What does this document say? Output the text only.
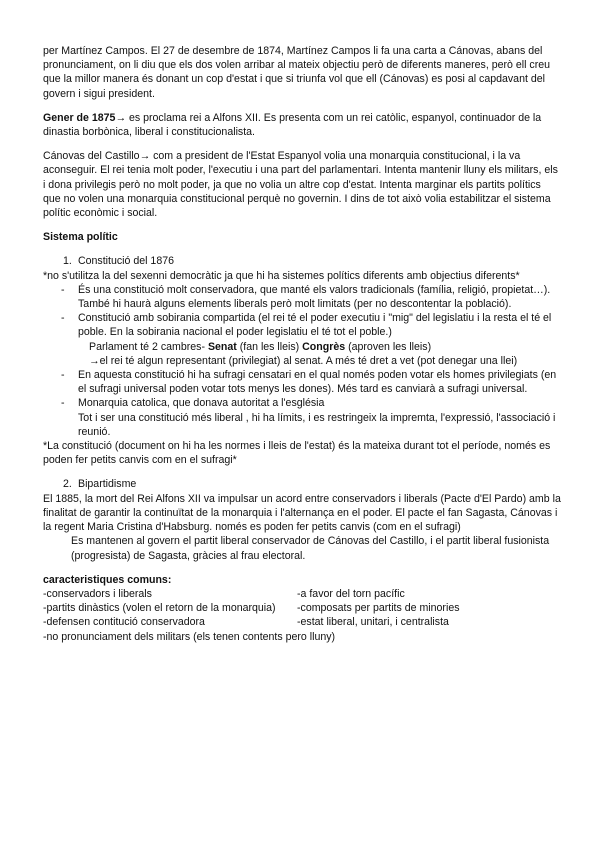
per Martínez Campos. El 27 de desembre de 1874, Martínez Campos li fa una carta a Cánovas, abans del pronunciament, on li diu que els dos volen arribar al mateix objectiu però de diferents maneres, però ell creu que la millor manera és donant un cop d'estat i que si triunfa vol que ell (Cánovas) es posi al capdavant del govern i sigui president.

Gener de 1875→ es proclama rei a Alfons XII. Es presenta com un rei catòlic, espanyol, continuador de la dinastia borbònica, liberal i constitucionalista.

Cánovas del Castillo→ com a president de l'Estat Espanyol volia una monarquia constitucional, i la va aconseguir. El rei tenia molt poder, l'executiu i una part del parlamentari. Intenta mantenir lluny els militars, els i dona privilegis però no molt poder, ja que no volia un altre cop d'estat. Intenta marginar els partits polítics que no volen una monarquia constitucional perquè no governin. I dins de tot això volia estabilitzar el sistema polític econòmic i social.

Sistema polític

1. Constitució del 1876

*no s'utilitza la del sexenni democràtic ja que hi ha sistemes polítics diferents amb objectius diferents*

- És una constitució molt conservadora, que manté els valors tradicionals (família, religió, propietat…). També hi haurà alguns elements liberals però molt limitats (per no descontentar la població).
- Constitució amb sobirania compartida (el rei té el poder executiu i "mig" del legislatiu i la resta el té el poble. En la sobirania nacional el poder legislatiu el té tot el poble.)
Parlament té 2 cambres- Senat (fan les lleis) Congrès (aproven les lleis)
→el rei té algun representant (privilegiat) al senat. A més té dret a vet (pot denegar una llei)
- En aquesta constitució hi ha sufragi censatari en el qual només poden votar els homes privilegiats (en el sufragi universal poden votar tots menys les dones). Més tard es canviarà a sufragi universal.
- Monarquia catolica, que donava autoritat a l'església
Tot i ser una constitució més liberal , hi ha límits, i es restringeix la impremta, l'expressió, l'associació i reunió.

*La constitució (document on hi ha les normes i lleis de l'estat) és la mateixa durant tot el període, només es poden fer petits canvis com en el sufragi*

2. Bipartidisme

El 1885, la mort del Rei Alfons XII va impulsar un acord entre conservadors i liberals (Pacte d'El Pardo) amb la finalitat de garantir la continuïtat de la monarquia i l'alternança en el poder. El pacte el fan Sagasta, Cánovas i la regent Maria Cristina d'Habsburg. només es poden fer petits canvis (com en el sufragi)

Es mantenen al govern el partit liberal conservador de Cánovas del Castillo, i el partit liberal fusionista (progresista) de Sagasta, gràcies al frau electoral.

caracteristiques comuns:

-conservadors i liberals	-a favor del torn pacífic
-partits dinàstics (volen el retorn de la monarquia)	-composats per partits de minories
-defensen contitució conservadora	-estat liberal, unitari, i centralista

-no pronunciament dels militars (els tenen contents pero lluny)
